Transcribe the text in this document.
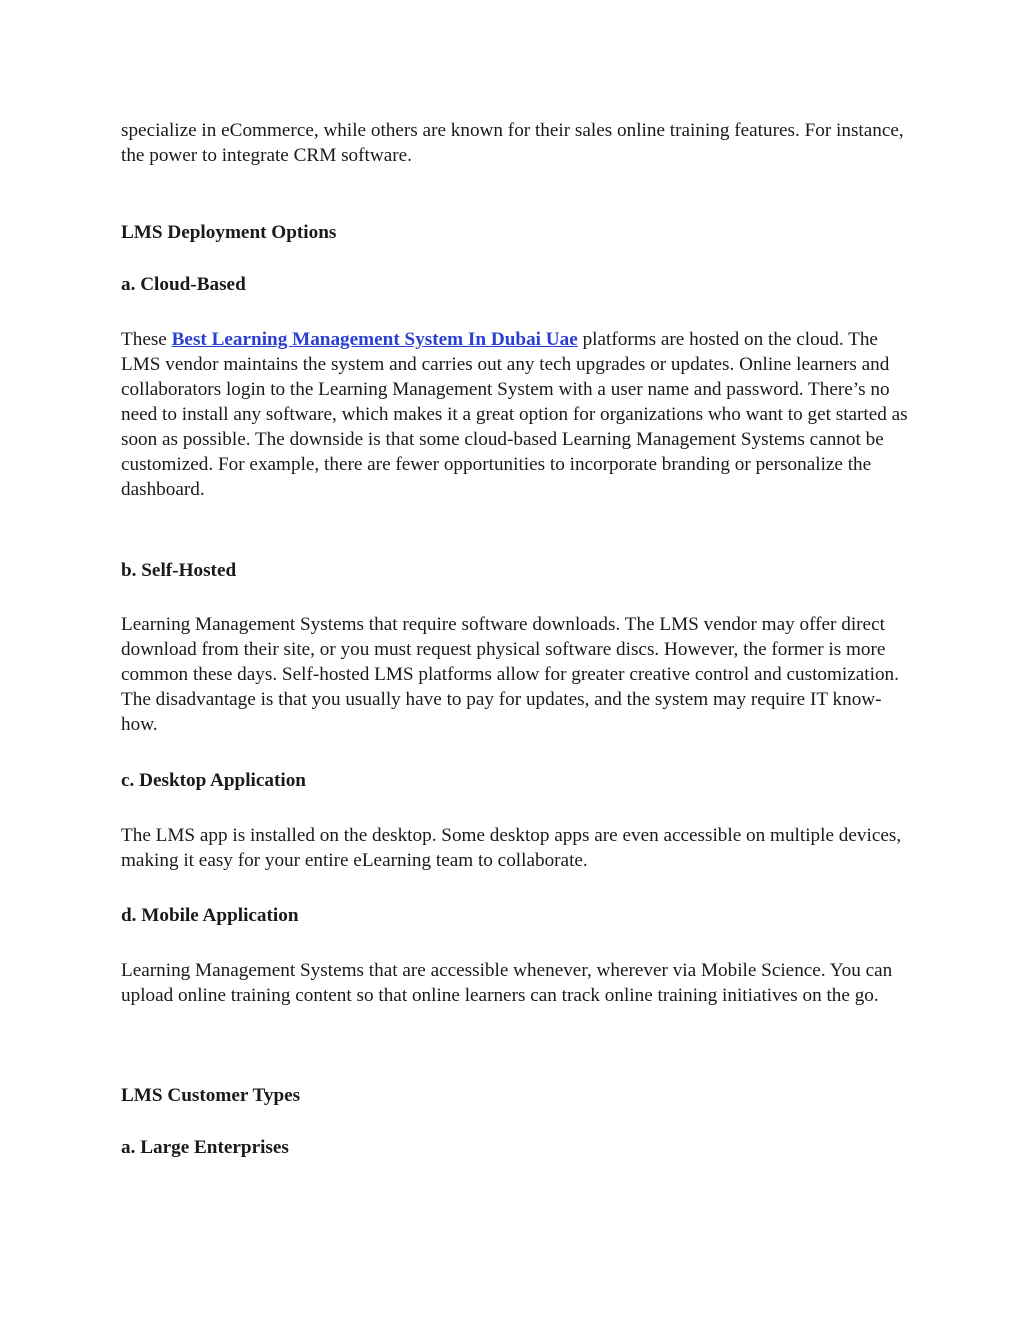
specialize in eCommerce, while others are known for their sales online training features. For instance, the power to integrate CRM software.

LMS Deployment Options
a. Cloud-Based

These Best Learning Management System In Dubai Uae platforms are hosted on the cloud. The LMS vendor maintains the system and carries out any tech upgrades or updates. Online learners and collaborators login to the Learning Management System with a user name and password. There’s no need to install any software, which makes it a great option for organizations who want to get started as soon as possible. The downside is that some cloud-based Learning Management Systems cannot be customized. For example, there are fewer opportunities to incorporate branding or personalize the dashboard.

b. Self-Hosted

Learning Management Systems that require software downloads. The LMS vendor may offer direct download from their site, or you must request physical software discs. However, the former is more common these days. Self-hosted LMS platforms allow for greater creative control and customization. The disadvantage is that you usually have to pay for updates, and the system may require IT know-how.

c. Desktop Application

The LMS app is installed on the desktop. Some desktop apps are even accessible on multiple devices, making it easy for your entire eLearning team to collaborate.

d. Mobile Application

Learning Management Systems that are accessible whenever, wherever via Mobile Science. You can upload online training content so that online learners can track online training initiatives on the go.

LMS Customer Types
a. Large Enterprises
